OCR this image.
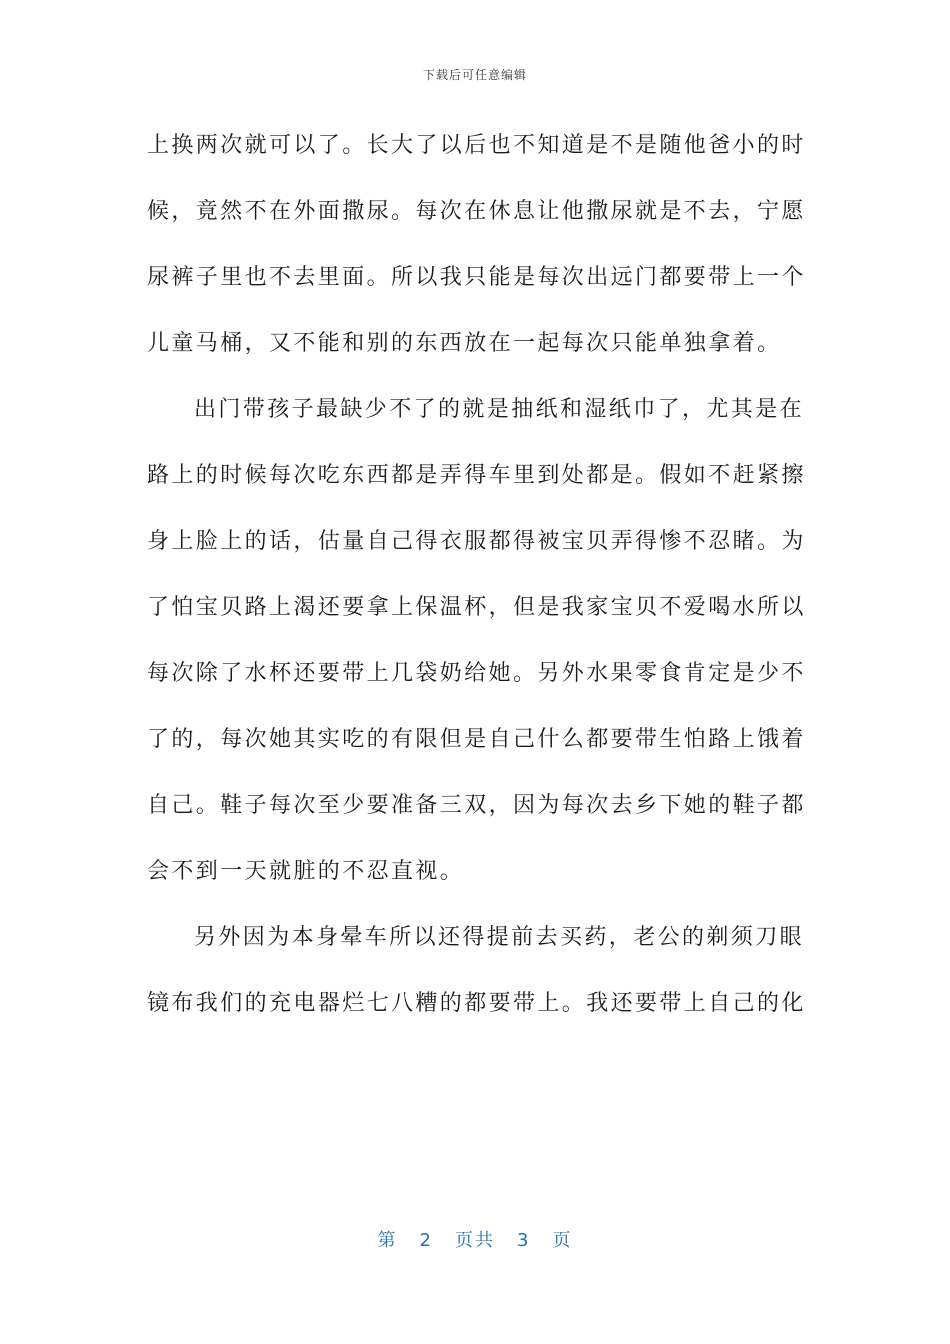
下载后可任意编辑
上换两次就可以了。长大了以后也不知道是不是随他爸小的时
候，竟然不在外面撒尿。每次在休息让他撒尿就是不去，宁愿
尿裤子里也不去里面。所以我只能是每次出远门都要带上一个
儿童马桶，又不能和别的东西放在一起每次只能单独拿着。
出门带孩子最缺少不了的就是抽纸和湿纸巾了，尤其是在
路上的时候每次吃东西都是弄得车里到处都是。假如不赶紧擦
身上脸上的话，估量自己得衣服都得被宝贝弄得惨不忍睹。为
了怕宝贝路上渴还要拿上保温杯，但是我家宝贝不爱喝水所以
每次除了水杯还要带上几袋奶给她。另外水果零食肯定是少不
了的，每次她其实吃的有限但是自己什么都要带生怕路上饿着
自己。鞋子每次至少要准备三双，因为每次去乡下她的鞋子都
会不到一天就脏的不忍直视。
另外因为本身晕车所以还得提前去买药，老公的剃须刀眼
镜布我们的充电器烂七八糟的都要带上。我还要带上自己的化
第 2 页共 3 页
